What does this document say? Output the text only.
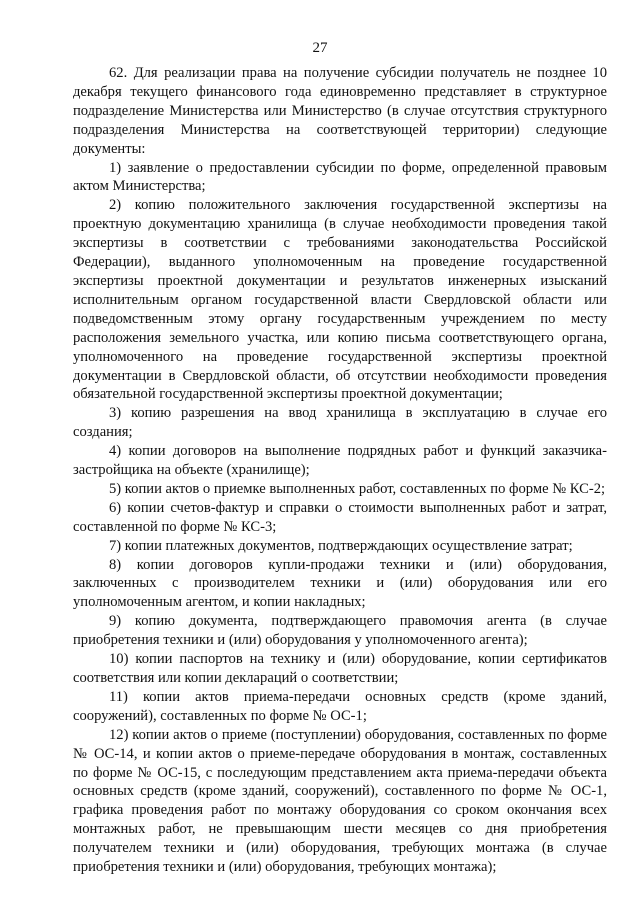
27

62. Для реализации права на получение субсидии получатель не позднее 10 декабря текущего финансового года единовременно представляет в структурное подразделение Министерства или Министерство (в случае отсутствия структурного подразделения Министерства на соответствующей территории) следующие документы:

1) заявление о предоставлении субсидии по форме, определенной правовым актом Министерства;

2) копию положительного заключения государственной экспертизы на проектную документацию хранилища (в случае необходимости проведения такой экспертизы в соответствии с требованиями законодательства Российской Федерации), выданного уполномоченным на проведение государственной экспертизы проектной документации и результатов инженерных изысканий исполнительным органом государственной власти Свердловской области или подведомственным этому органу государственным учреждением по месту расположения земельного участка, или копию письма соответствующего органа, уполномоченного на проведение государственной экспертизы проектной документации в Свердловской области, об отсутствии необходимости проведения обязательной государственной экспертизы проектной документации;

3) копию разрешения на ввод хранилища в эксплуатацию в случае его создания;

4) копии договоров на выполнение подрядных работ и функций заказчика-застройщика на объекте (хранилище);

5) копии актов о приемке выполненных работ, составленных по форме № КС-2;

6) копии счетов-фактур и справки о стоимости выполненных работ и затрат, составленной по форме № КС-3;

7) копии платежных документов, подтверждающих осуществление затрат;

8) копии договоров купли-продажи техники и (или) оборудования, заключенных с производителем техники и (или) оборудования или его уполномоченным агентом, и копии накладных;

9) копию документа, подтверждающего правомочия агента (в случае приобретения техники и (или) оборудования у уполномоченного агента);

10) копии паспортов на технику и (или) оборудование, копии сертификатов соответствия или копии деклараций о соответствии;

11) копии актов приема-передачи основных средств (кроме зданий, сооружений), составленных по форме № ОС-1;

12) копии актов о приеме (поступлении) оборудования, составленных по форме № ОС-14, и копии актов о приеме-передаче оборудования в монтаж, составленных по форме № ОС-15, с последующим представлением акта приема-передачи объекта основных средств (кроме зданий, сооружений), составленного по форме № ОС-1, графика проведения работ по монтажу оборудования со сроком окончания всех монтажных работ, не превышающим шести месяцев со дня приобретения получателем техники и (или) оборудования, требующих монтажа (в случае приобретения техники и (или) оборудования, требующих монтажа);
